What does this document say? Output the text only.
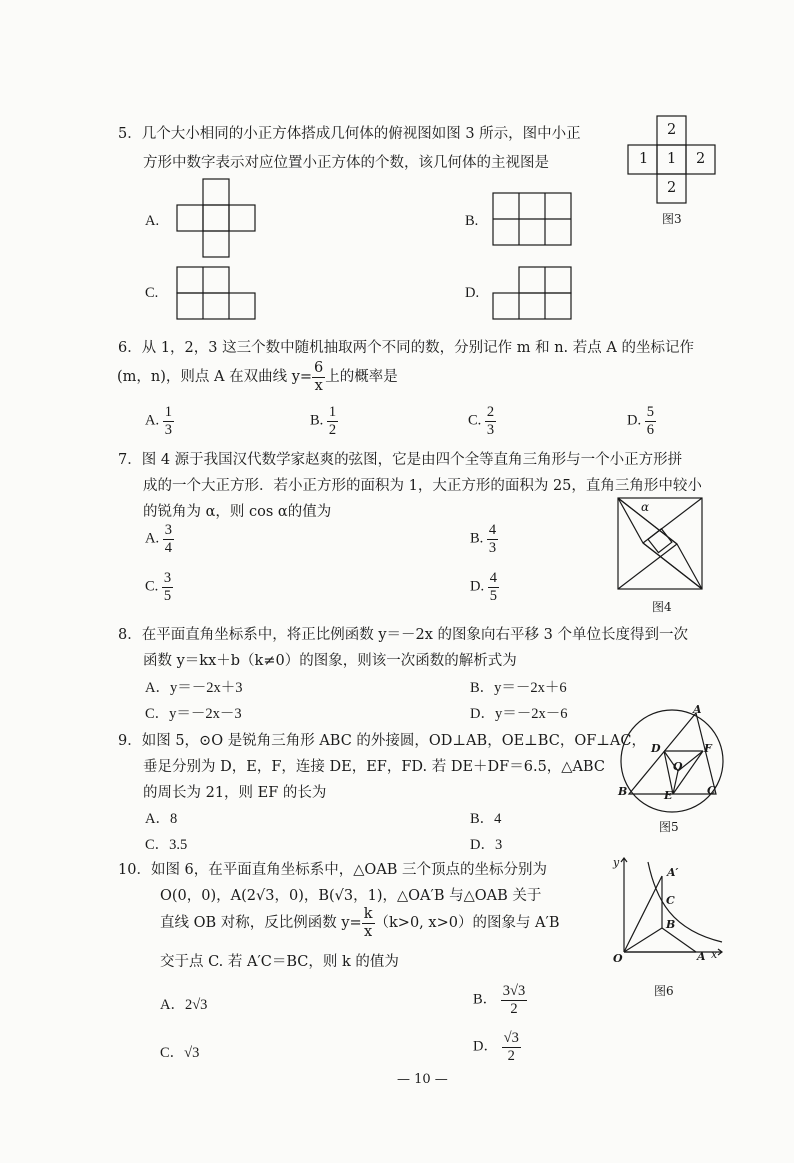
5．几个大小相同的小正方体搭成几何体的俯视图如图 3 所示，图中小正
方形中数字表示对应位置小正方体的个数，该几何体的主视图是
2
1 1 2
2
图3
A.	B.
C.	D.
6．从 1，2，3 这三个数中随机抽取两个不同的数，分别记作 m 和 n. 若点 A 的坐标记作
(m，n)，则点 A 在双曲线 $y= \frac{6}{x}$ 上的概率是
A. $\frac{1}{3}$	B. $\frac{1}{2}$	C. $\frac{2}{3}$	D. $\frac{5}{6}$
7．图 4 源于我国汉代数学家赵爽的弦图，它是由四个全等直角三角形与一个小正方形拼
成的一个大正方形．若小正方形的面积为 1，大正方形的面积为 25，直角三角形中较小
的锐角为 α，则 cos α的值为	α
图4
A. $\frac{3}{4}$	B. $\frac{4}{3}$
C. $\frac{3}{5}$	D. $\frac{4}{5}$
8．在平面直角坐标系中，将正比例函数 y＝－2x 的图象向右平移 3 个单位长度得到一次
函数 y＝kx＋b（k≠0）的图象，则该一次函数的解析式为
A．y＝－2x＋3	B．y＝－2x＋6
C．y＝－2x－3	D．y＝－2x－6
9．如图 5，⊙O 是锐角三角形 ABC 的外接圆，OD⊥AB，OE⊥BC，OF⊥AC，
垂足分别为 D，E，F，连接 DE，EF，FD. 若 DE＋DF＝6.5，△ABC
的周长为 21，则 EF 的长为
A．8	B．4
C．3.5	D．3
A
B	C
D
E
F
O
图5
10．如图 6，在平面直角坐标系中，△OAB 三个顶点的坐标分别为
O(0，0)，A(2√3，0)，B(√3，1)，△OA′B 与△OAB 关于
直线 OB 对称，反比例函数 $y= \frac{k}{x} (k>0$, x>0）的图象与 A′B
交于点 C. 若 A′C＝BC，则 k 的值为
A．2√3	B． $\frac{3√3}{2}$
C．√3	D． $\frac{√3}{2}$
y
x
O	A
A′
C
B
图6
— 10 —
